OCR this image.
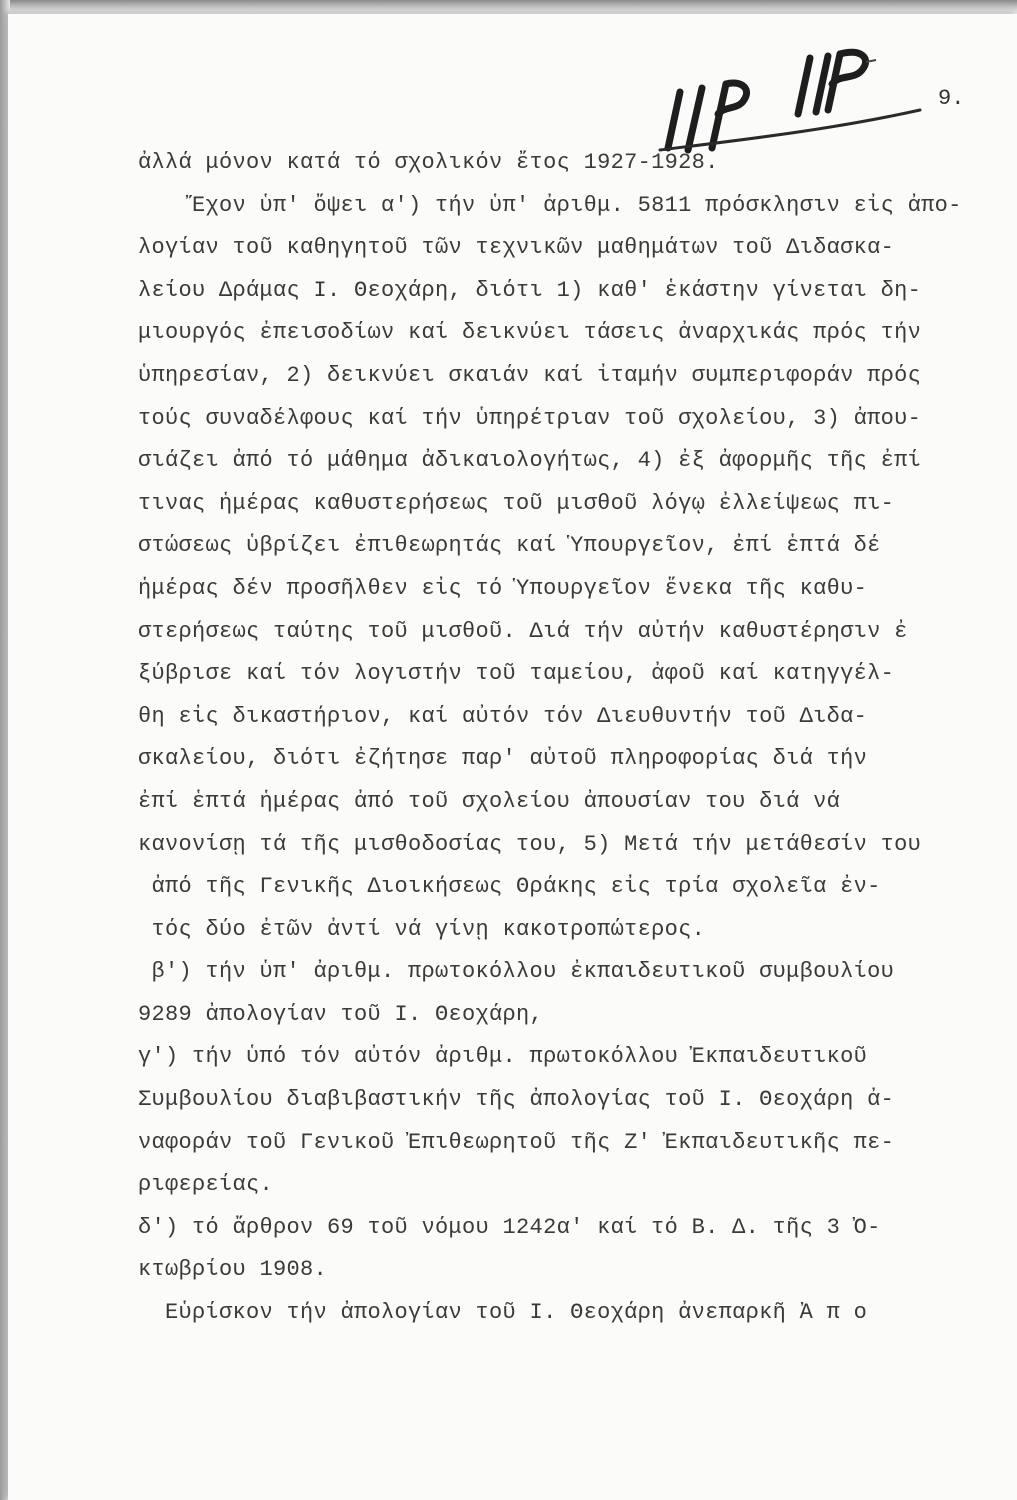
118
9.
ἀλλά μόνον κατά τό σχολικόν ἔτος 1927-1928.
Ἔχον ὑπ' ὄψει α') τήν ὑπ' ἀριθμ. 5811 πρόσκλησιν εἰς ἀπο-
λογίαν τοῦ καθηγητοῦ τῶν τεχνικῶν μαθημάτων τοῦ Διδασκα-
λείου Δράμας Ι. Θεοχάρη, διότι 1) καθ' ἑκάστην γίνεται δη-
μιουργός ἐπεισοδίων καί δεικνύει τάσεις ἀναρχικάς πρός τήν
ὑπηρεσίαν, 2) δεικνύει σκαιάν καί ἰταμήν συμπεριφοράν πρός
τούς συναδέλφους καί τήν ὑπηρέτριαν τοῦ σχολείου, 3) ἀπου-
σιάζει ἀπό τό μάθημα ἀδικαιολογήτως, 4) ἐξ ἀφορμῆς τῆς ἐπί
τινας ἡμέρας καθυστερήσεως τοῦ μισθοῦ λόγῳ ἐλλείψεως πι-
στώσεως ὑβρίζει ἐπιθεωρητάς καί Ὑπουργεῖον, ἐπί ἑπτά δέ
ἡμέρας δέν προσῆλθεν εἰς τό Ὑπουργεῖον ἕνεκα τῆς καθυ-
στερήσεως ταύτης τοῦ μισθοῦ. Διά τήν αὐτήν καθυστέρησιν ἐ
ξύβρισε καί τόν λογιστήν τοῦ ταμείου, ἀφοῦ καί κατηγγέλ-
θη εἰς δικαστήριον, καί αὐτόν τόν Διευθυντήν τοῦ Διδα-
σκαλείου, διότι ἐζήτησε παρ' αὐτοῦ πληροφορίας διά τήν
ἐπί ἑπτά ἡμέρας ἀπό τοῦ σχολείου ἀπουσίαν του διά νά
κανονίσῃ τά τῆς μισθοδοσίας του, 5) Μετά τήν μετάθεσίν του
ἀπό τῆς Γενικῆς Διοικήσεως Θράκης εἰς τρία σχολεῖα ἐν-
τός δύο ἐτῶν ἀντί νά γίνῃ κακοτροπώτερος.
β') τήν ὑπ' ἀριθμ. πρωτοκόλλου ἐκπαιδευτικοῦ συμβουλίου
9289 ἀπολογίαν τοῦ Ι. Θεοχάρη,
γ') τήν ὑπό τόν αὐτόν ἀριθμ. πρωτοκόλλου Ἐκπαιδευτικοῦ
Συμβουλίου διαβιβαστικήν τῆς ἀπολογίας τοῦ Ι. Θεοχάρη ἀ-
ναφοράν τοῦ Γενικοῦ Ἐπιθεωρητοῦ τῆς Ζ' Ἐκπαιδευτικῆς πε-
ριφερείας.
δ') τό ἄρθρον 69 τοῦ νόμου 1242α' καί τό Β. Δ. τῆς 3 Ὀ-
κτωβρίου 1908.
Εὑρίσκον τήν ἀπολογίαν τοῦ Ι. Θεοχάρη ἀνεπαρκῆ Ἀ π ο
